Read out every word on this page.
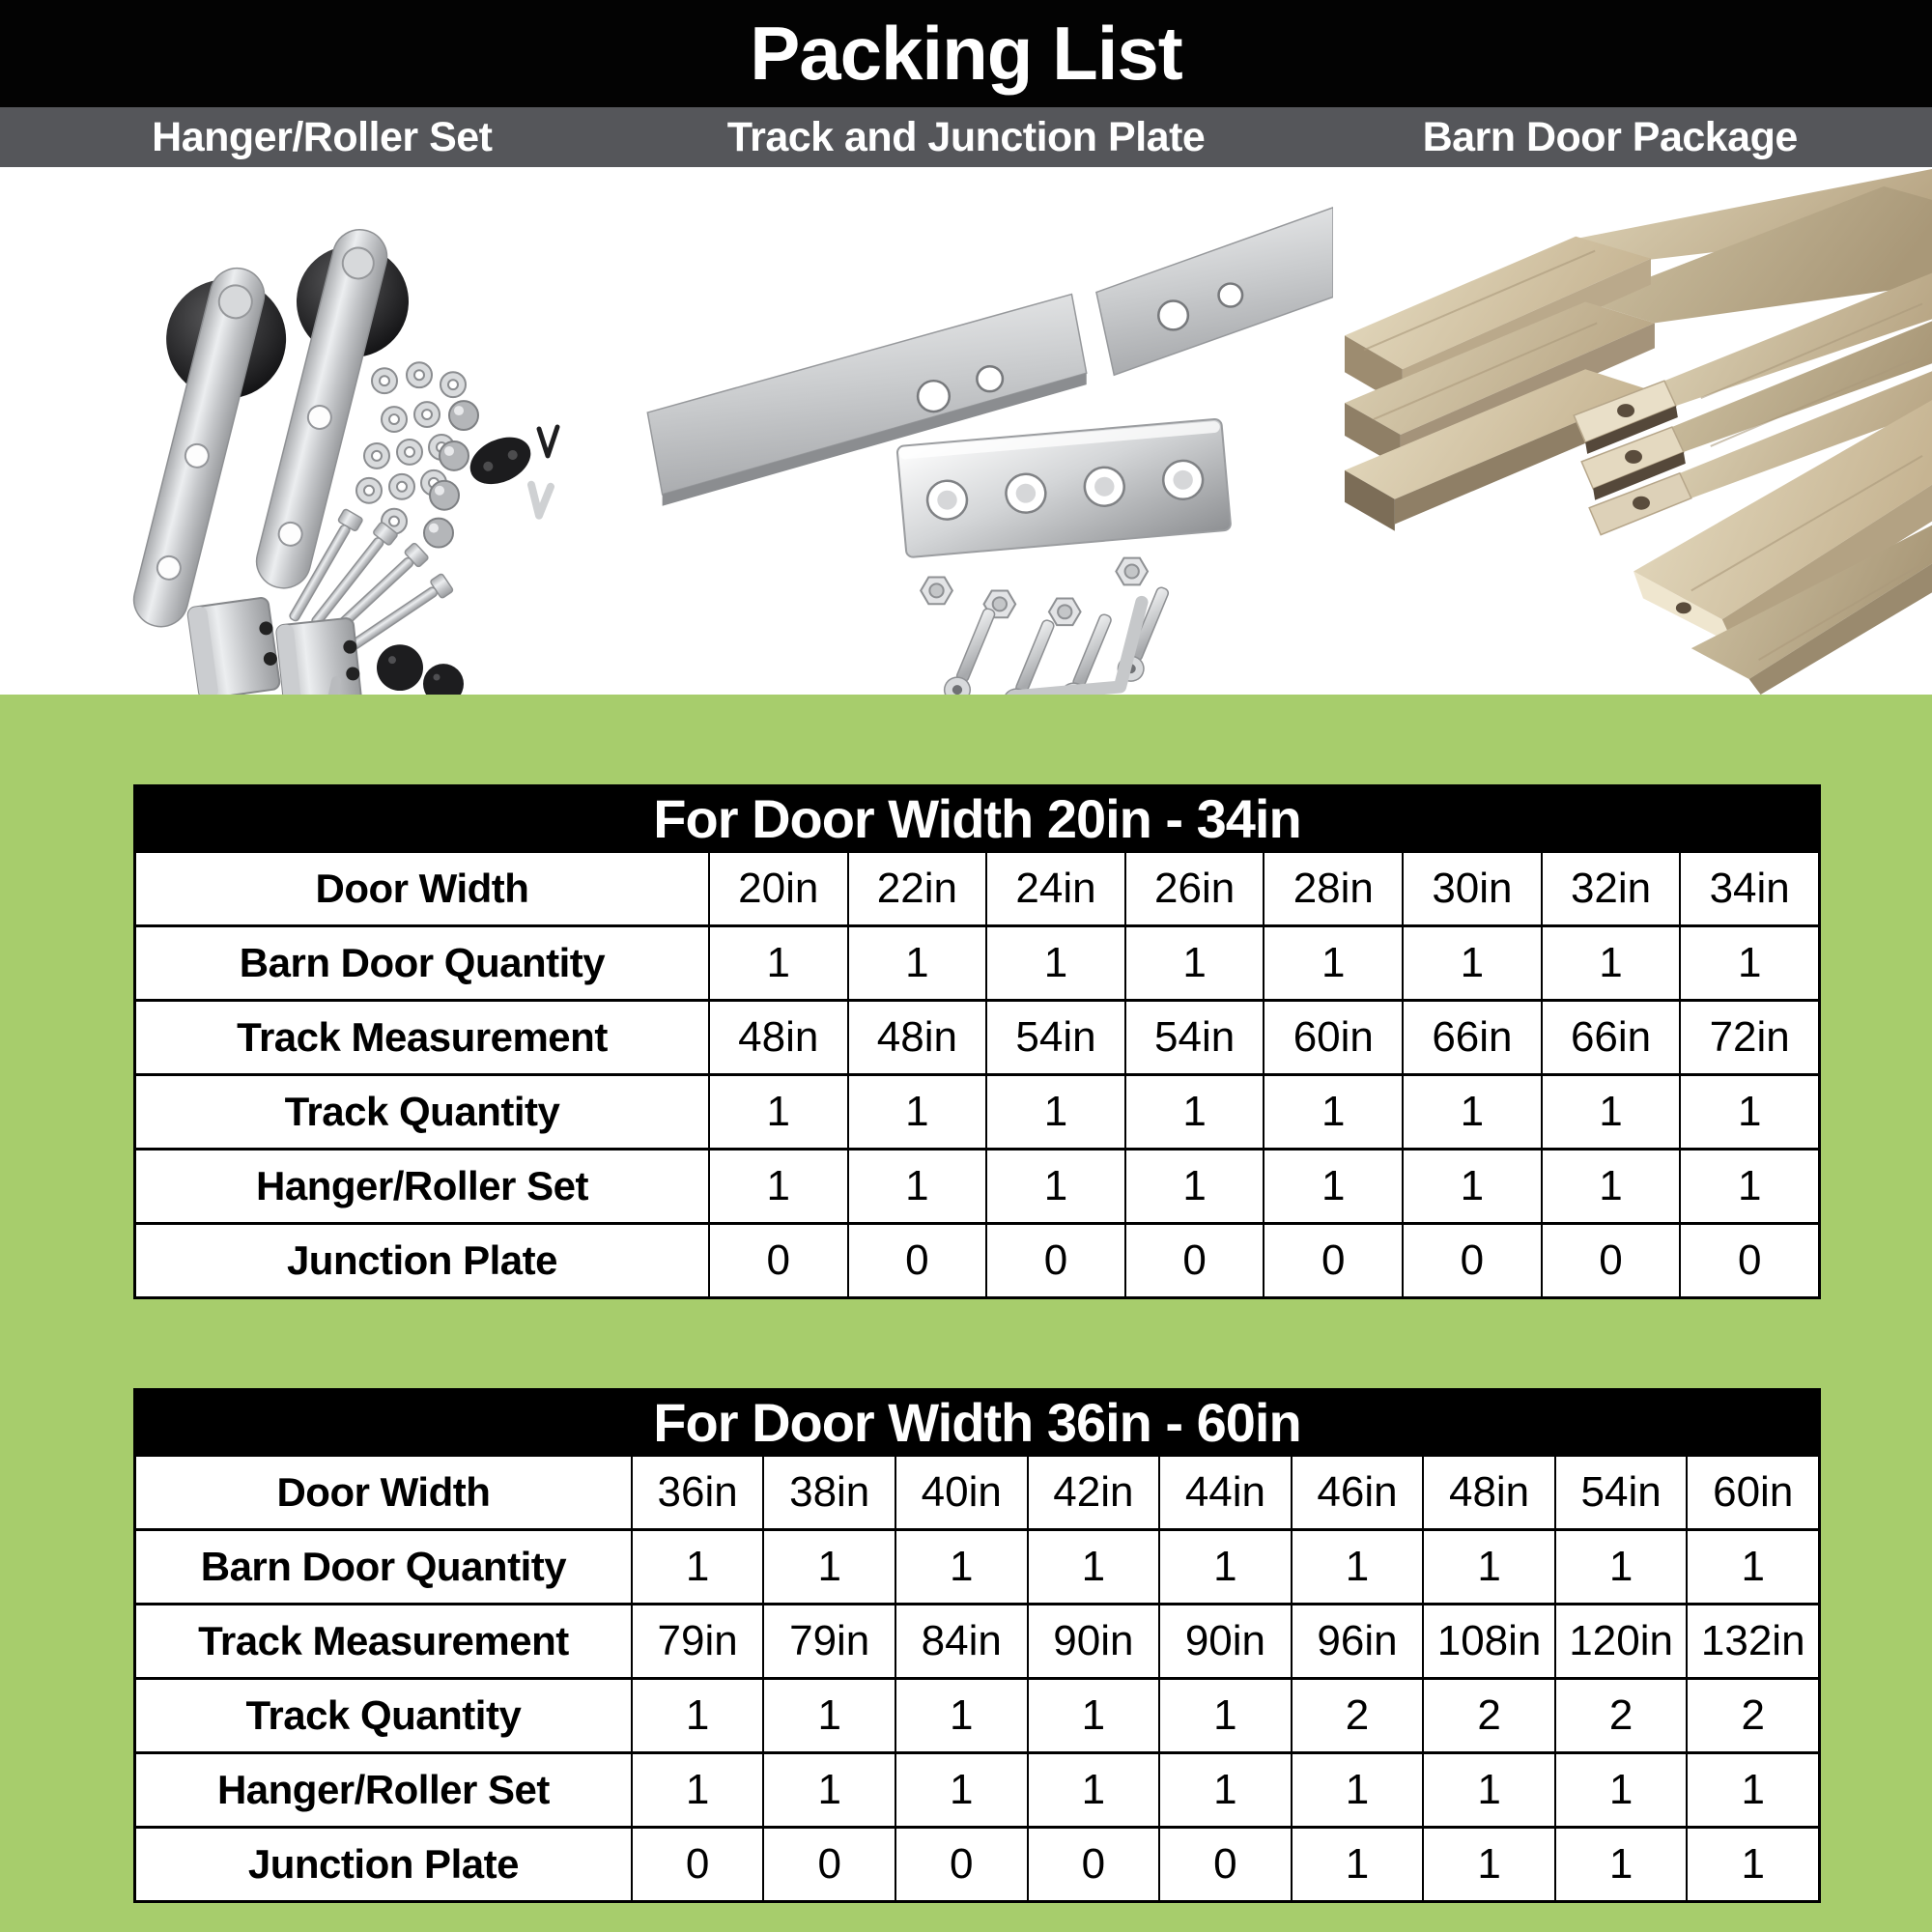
Packing List
Hanger/Roller Set	Track and Junction Plate	Barn Door Package
For Door Width 20in - 34in
Door Width	20in	22in	24in	26in	28in	30in	32in	34in
Barn Door Quantity	1	1	1	1	1	1	1	1
Track Measurement	48in	48in	54in	54in	60in	66in	66in	72in
Track Quantity	1	1	1	1	1	1	1	1
Hanger/Roller Set	1	1	1	1	1	1	1	1
Junction Plate	0	0	0	0	0	0	0	0
For Door Width 36in - 60in
Door Width	36in	38in	40in	42in	44in	46in	48in	54in	60in
Barn Door Quantity	1	1	1	1	1	1	1	1	1
Track Measurement	79in	79in	84in	90in	90in	96in 108in 120in 132in
Track Quantity	1	1	1	1	1	2	2	2	2
Hanger/Roller Set	1	1	1	1	1	1	1	1	1
Junction Plate	0	0	0	0	0	1	1	1	1
